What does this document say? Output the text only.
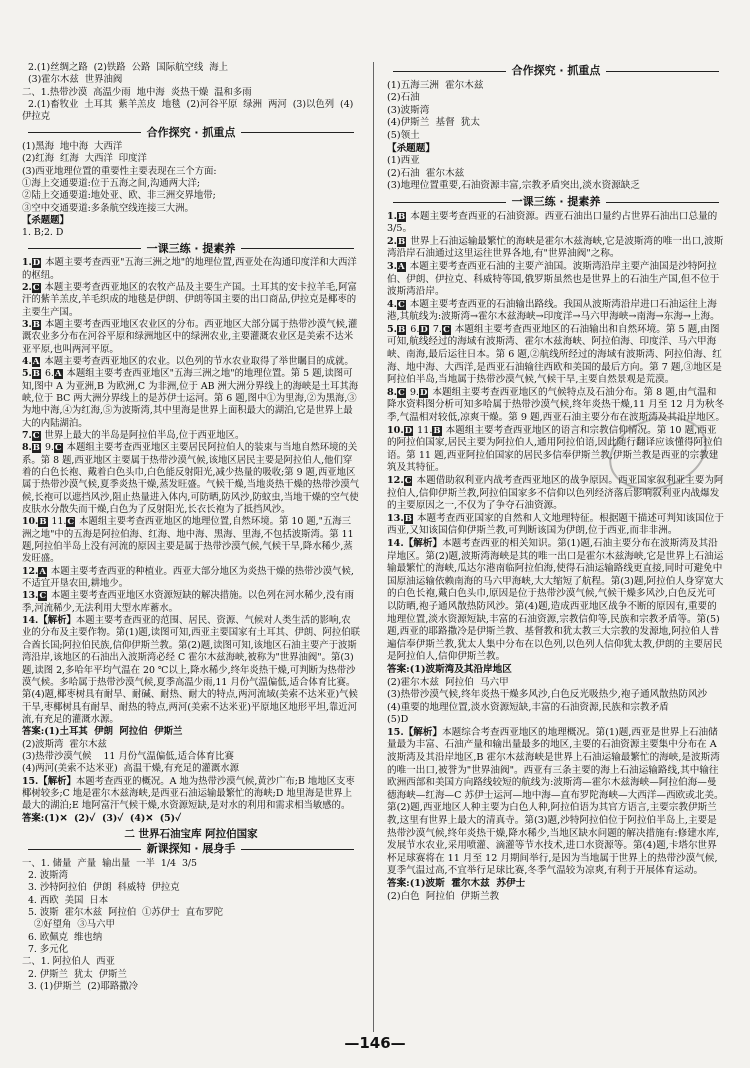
2.(1)丝绸之路  (2)铁路  公路  国际航空线  海上

(3)霍尔木兹  世界油阀

二、1.热带沙漠  高温少雨  地中海  炎热干燥  温和多雨

2.(1)畜牧业  土耳其  紫羊羔皮  地毯  (2)河谷平原  绿洲  两河  (3)以色列  (4)伊拉克

合作探究 · 抓重点

(1)黑海  地中海  大西洋

(2)红海  红海  大西洋  印度洋

(3)西亚地理位置的重要性主要表现在三个方面:

①海上交通要道:位于五海之间,沟通两大洋;

②陆上交通要道:地处亚、欧、非三洲交界地带;

③空中交通要道:多条航空线连接三大洲。

【杀题题】

1. B;2. D

一课三练 · 提素养

1.D 本题主要考查西亚"五海三洲之地"的地理位置,西亚处在沟通印度洋和大西洋的枢纽。

2.C 本题主要考查西亚地区的农牧产品及主要生产国。土耳其的安卡拉羊毛,阿富汗的紫羊羔皮,羊毛织成的地毯是伊朗、伊朗等国主要的出口商品,伊拉克是椰枣的主要生产国。

3.B 本题主要考查西亚地区农业区的分布。西亚地区大部分属于热带沙漠气候,灌溉农业多分布在河谷平原和绿洲地区中的绿洲农业,主要灌溉农业区是美索不达米亚平原,也叫两河平原。

4.A 本题主要考查西亚地区的农业。以色列的节水农业取得了举世瞩目的成就。

5.B 6.A 本题组主要考查西亚地区"五海三洲之地"的地理位置。第 5 题,读图可知,图中 A 为亚洲,B 为欧洲,C 为非洲,位于 AB 洲大洲分界线上的海峡是土耳其海峡,位于 BC 两大洲分界线上的是苏伊士运河。第 6 题,图中①为里海,②为黑海,③为地中海,④为红海,⑤为波斯湾,其中里海是世界上面积最大的湖泊,它是世界上最大的内陆湖泊。

7.C 世界上最大的半岛是阿拉伯半岛,位于西亚地区。

8.B 9.C 本题组主要考查西亚地区主要居民阿拉伯人的装束与当地自然环境的关系。第 8 题,西亚地区主要属于热带沙漠气候,该地区居民主要是阿拉伯人,他们穿着的白色长袍、戴着白色头巾,白色能反射阳光,减少热量的吸收;第 9 题,西亚地区属于热带沙漠气候,夏季炎热干燥,蒸发旺盛。气候干燥,当地炎热干燥的热带沙漠气候,长袍可以遮挡风沙,阻止热量进入体内,可防晒,防风沙,防蚊虫,当地干燥的空气使皮肤水分散失而干燥,白色为了反射阳光,长衣长袍为了抵挡风沙。

10.B 11.C 本题组主要考查西亚地区的地理位置,自然环境。第 10 题,"五海三洲之地"中的五海是阿拉伯海、红海、地中海、黑海、里海,不包括波斯湾。第 11 题,阿拉伯半岛上没有河流的原因主要是属于热带沙漠气候,气候干旱,降水稀少,蒸发旺盛。

12.A 本题主要考查西亚的种植业。西亚大部分地区为炎热干燥的热带沙漠气候,不适宜开垦农田,耕地少。

13.C 本题主要考查西亚地区水资源短缺的解决措施。以色列在河水稀少,没有雨季,河流稀少,无法利用大型水库蓄水。

14.【解析】本题主要考查西亚的范围、居民、资源、气候对人类生活的影响,农业的分布及主要作物。第(1)题,读图可知,西亚主要国家有土耳其、伊朗、阿拉伯联合酋长国;阿拉伯民族,信仰伊斯兰教。第(2)题,读图可知,该地区石油主要产于波斯湾沿岸,该地区的石油出入波斯湾必经 C 霍尔木兹海峡,被称为"世界油阀"。第(3)题,读图 2,多哈年平均气温在 20 ℃以上,降水稀少,终年炎热干燥,可判断为热带沙漠气候。多哈属于热带沙漠气候,夏季高温少雨,11 月份气温偏低,适合体育比赛。第(4)题,椰枣树具有耐旱、耐碱、耐热、耐大的特点,两河流域(美索不达米亚)气候干旱,枣椰树具有耐旱、耐热的特点,两河(美索不达米亚)平原地区地形平坦,靠近河流,有充足的灌溉水源。

答案:(1)土耳其  伊朗  阿拉伯  伊斯兰

(2)波斯湾  霍尔木兹

(3)热带沙漠气候    11 月份气温偏低,适合体育比赛

(4)两河(美索不达米亚)  高温干燥,有充足的灌溉水源

15.【解析】本题考查西亚的概况。A 地为热带沙漠气候,黄沙广布;B 地地区支枣椰树较多;C 地是霍尔木兹海峡,是西亚石油运输最繁忙的海峡;D 地里海是世界上最大的湖泊;E 地阿富汗气候干燥,水资源短缺,是对水的利用和需求相当敏感的。

答案:(1)✕  (2)✓  (3)✓  (4)✕  (5)✓

二 世界石油宝库 阿拉伯国家
新课探知 · 展身手

一、1. 储量  产量  输出量  一半  1/4  3/5

2. 波斯湾

3. 沙特阿拉伯  伊朗  科威特  伊拉克

4. 西欧  美国  日本

5. 波斯  霍尔木兹  阿拉伯  ①苏伊士  直布罗陀

②好望角  ③马六甲

6. 欧佩克  维也纳

7. 多元化

二、1. 阿拉伯人  西亚

2. 伊斯兰  犹太  伊斯兰

3. (1)伊斯兰  (2)耶路撒冷

合作探究 · 抓重点

(1)五海三洲  霍尔木兹

(2)石油

(3)波斯湾

(4)伊斯兰  基督  犹太

(5)领土

【杀题题】

(1)西亚

(2)石油  霍尔木兹

(3)地理位置重要,石油资源丰富,宗教矛盾突出,淡水资源缺乏

一课三练 · 提素养

1.B 本题主要考查西亚的石油资源。西亚石油出口量约占世界石油出口总量的 3/5。

2.B 世界上石油运输最繁忙的海峡是霍尔木兹海峡,它是波斯湾的唯一出口,波斯湾沿岸石油通过这里运往世界各地,有"世界油阀"之称。

3.A 本题主要考查西亚石油的主要产油国。波斯湾沿岸主要产油国是沙特阿拉伯、伊朗、伊拉克、科威特等国,俄罗斯虽然也是世界上的石油生产国,但不位于波斯湾沿岸。

4.C 本题主要考查西亚的石油输出路线。我国从波斯湾沿岸进口石油运往上海港,其航线为:波斯湾→霍尔木兹海峡→印度洋→马六甲海峡→南海→东海→上海。

5.B 6.D 7.C 本题组主要考查西亚地区的石油输出和自然环境。第 5 题,由图可知,航线经过的海域有波斯湾、霍尔木兹海峡、阿拉伯海、印度洋、马六甲海峡、南海,最后运往日本。第 6 题,②航线所经过的海域有波斯湾、阿拉伯海、红海、地中海、大西洋,是西亚石油输往西欧和美国的最后方向。第 7 题,③地区是阿拉伯半岛,当地属于热带沙漠气候,气候干旱,主要自然景观是荒漠。

8.C 9.D 本题组主要考查西亚地区的气候特点及石油分布。第 8 题,由气温和降水资料图分析可知多哈属于热带沙漠气候,终年炎热干燥,11 月至 12 月为秋冬季,气温相对较低,凉爽干燥。第 9 题,西亚石油主要分布在波斯湾及其沿岸地区。

10.D 11.B 本题组主要考查西亚地区的语言和宗教信仰情况。第 10 题,西亚的阿拉伯国家,居民主要为阿拉伯人,通用阿拉伯语,因此随行翻译应该懂得阿拉伯语。第 11 题,西亚阿拉伯国家的居民多信奉伊斯兰教,伊斯兰教是西亚的宗教建筑及其特征。

12.C 本题借助叙利亚内战考查西亚地区的战争原因。西亚国家叙利亚主要为阿拉伯人,信仰伊斯兰教,阿拉伯国家多不信仰以色列经济落后影响叙利亚内战爆发的主要原因之一,不仅为了争夺石油资源。

13.B 本题考查西亚国家的自然和人文地理特征。根据题干描述可判知该国位于西亚,又知该国信仰伊斯兰教,可判断该国为伊朗,位于西亚,而非非洲。

14.【解析】本题考查西亚的相关知识。第(1)题,石油主要分布在波斯湾及其沿岸地区。第(2)题,波斯湾海峡是其的唯一出口是霍尔木兹海峡,它是世界上石油运输最繁忙的海峡,瓜达尔港南临阿拉伯海,使得石油运输路线更直接,同时可避免中国原油运输依赖南海的马六甲海峡,大大缩短了航程。第(3)题,阿拉伯人身穿宽大的白色长袍,戴白色头巾,原因是位于热带沙漠气候,气候干燥多风沙,白色反光可以防晒,袍子通风散热防风沙。第(4)题,造成西亚地区战争不断的原因有,重要的地理位置,淡水资源短缺,丰富的石油资源,宗教信仰等,民族和宗教矛盾等。第(5)题,西亚的耶路撒冷是伊斯兰教、基督教和犹太教三大宗教的发源地,阿拉伯人普遍信奉伊斯兰教,犹太人集中分布在以色列,以色列人信仰犹太教,伊朗的主要居民是阿拉伯人,信仰伊斯兰教。

答案:(1)波斯湾及其沿岸地区

(2)霍尔木兹  阿拉伯  马六甲

(3)热带沙漠气候,终年炎热干燥多风沙,白色反光吸热少,袍子通风散热防风沙

(4)重要的地理位置,淡水资源短缺,丰富的石油资源,民族和宗教矛盾

(5)D

15.【解析】本题综合考查西亚地区的地理概况。第(1)题,西亚是世界上石油储量最为丰富、石油产量和输出量最多的地区,主要的石油资源主要集中分布在 A 波斯湾及其沿岸地区,B 霍尔木兹海峡是世界上石油运输最繁忙的海峡,是波斯湾的唯一出口,被誉为"世界油阀"。西亚有三条主要的海上石油运输路线,其中输往欧洲西部和美国方向路线较短的航线为:波斯湾—霍尔木兹海峡—阿拉伯海—曼德海峡—红海—C 苏伊士运河—地中海—直布罗陀海峡—大西洋—西欧或北美。第(2)题,西亚地区人种主要为白色人种,阿拉伯语为其官方语言,主要宗教伊斯兰教,这里有世界上最大的清真寺。第(3)题,沙特阿拉伯位于阿拉伯半岛上,主要是热带沙漠气候,终年炎热干燥,降水稀少,当地区缺水问题的解决措施有:修建水库,发展节水农业,采用喷灌、滴灌等节水技术,进口水资源等。第(4)题,卡塔尔世界杯足球赛将在 11 月至 12 月期间举行,是因为当地属于世界上的热带沙漠气候,夏季气温过高,不宜举行足球比赛,冬季气温较为凉爽,有利于开展体育运动。

答案:(1)波斯  霍尔木兹  苏伊士

(2)白色  阿拉伯  伊斯兰教

—146—
